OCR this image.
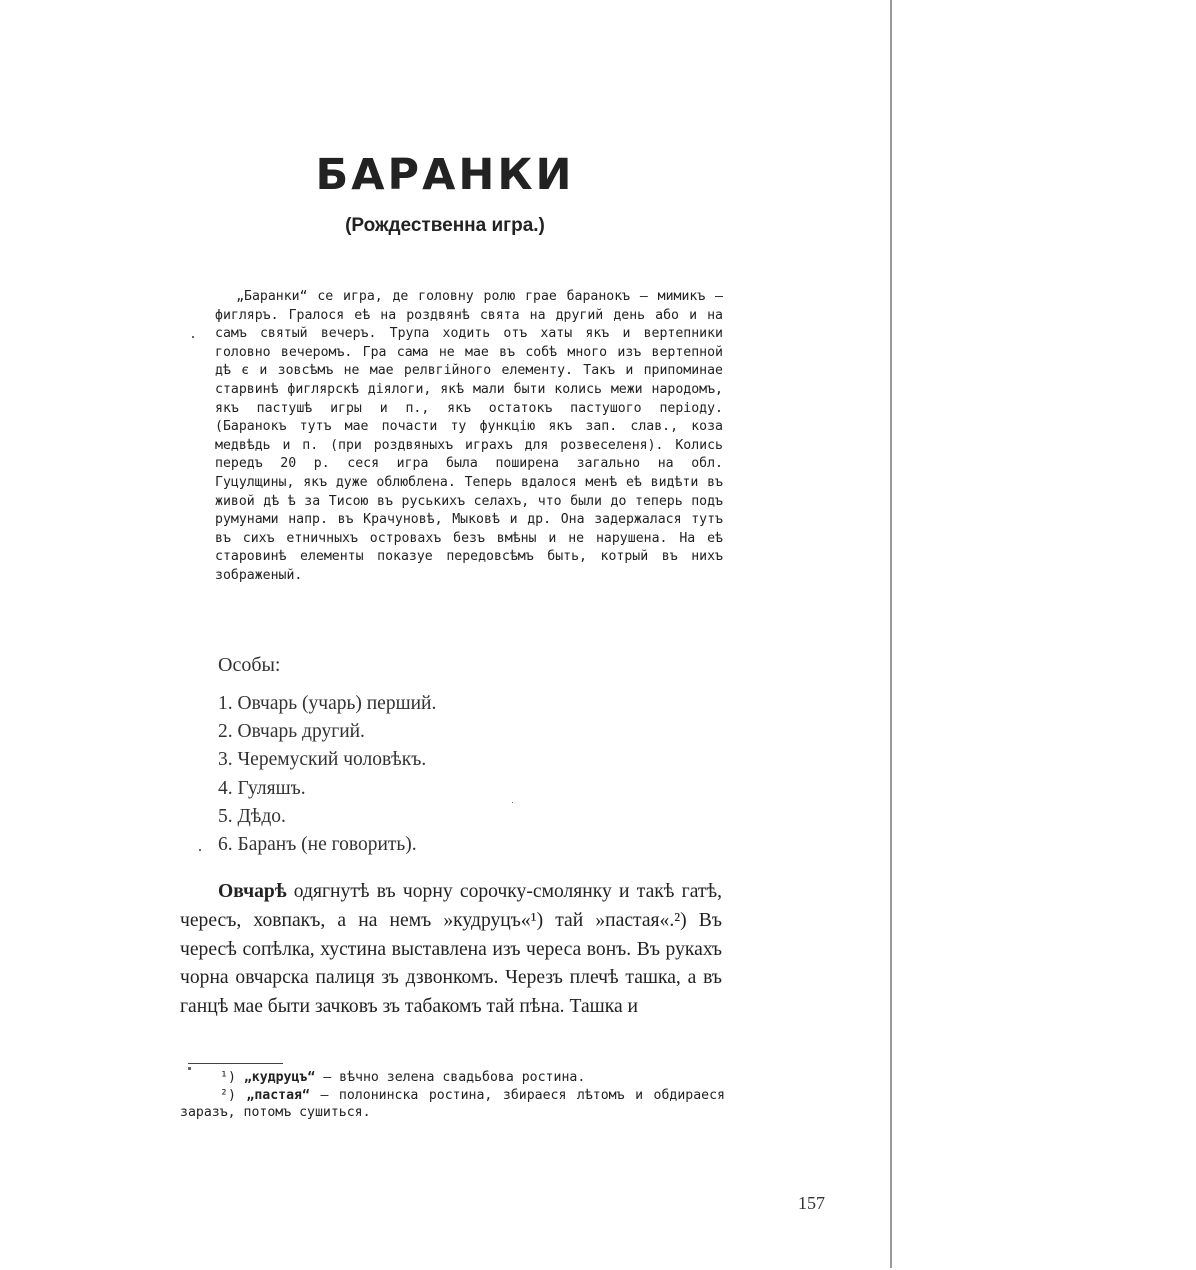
БАРАНКИ
(Рождественна игра.)

„Баранки“ се игра, де головну ролю грае баранокъ — мимикъ — фигляръ. Гралося еѣ на роздвянѣ свята на другий день або и на самъ святый вечеръ. Трупа ходить отъ хаты якъ и вертепники головно вечеромъ. Гра сама не мае въ собѣ много изъ вертепной дѣ є и зовсѣмъ не мае релвгійного елементу. Такъ и припоминае старвинѣ фиглярскѣ діялоги, якѣ мали быти колись межи народомъ, якъ пастушѣ игры и п., якъ остатокъ пастушого періоду. (Баранокъ тутъ мае почасти ту функцію якъ зап. слав., коза медвѣдь и п. (при роздвяныхъ играхъ для розвеселеня). Колись передъ 20 р. сеся игра была поширена загально на обл. Гуцулщины, якъ дуже облюблена. Теперь вдалося менѣ еѣ видѣти въ живой дѣ ѣ за Тисою въ руськихъ селахъ, что были до теперь подъ румунами напр. въ Крачуновѣ, Мыковѣ и др. Она задержалася тутъ въ сихъ етничныхъ островахъ безъ вмѣны и не нарушена. На еѣ старовинѣ елементы показуе передовсѣмъ быть, котрый въ нихъ зображеный.

Особы:
1. Овчарь (учарь) перший.
2. Овчарь другий.
3. Черемуский чоловѣкъ.
4. Гуляшъ.
5. Дѣдо.
6. Баранъ (не говорить).

Овчарѣ одягнутѣ въ чорну сорочку-смолянку и такѣ гатѣ, чересъ, ховпакъ, а на немъ »кудруцъ«¹) тай »пастая«.²) Въ чересѣ сопѣлка, хустина выставлена изъ череса вонъ. Въ рукахъ чорна овчарска палиця зъ дзвонкомъ. Черезъ плечѣ ташка, а въ ганцѣ мае быти зачковъ зъ табакомъ тай пѣна. Ташка и

¹) „кудруцъ“ — вѣчно зелена свадьбова ростина.

²) „пастая“ — полонинска ростина, збираеся лѣтомъ и обдираеся заразъ, потомъ сушиться.

157
